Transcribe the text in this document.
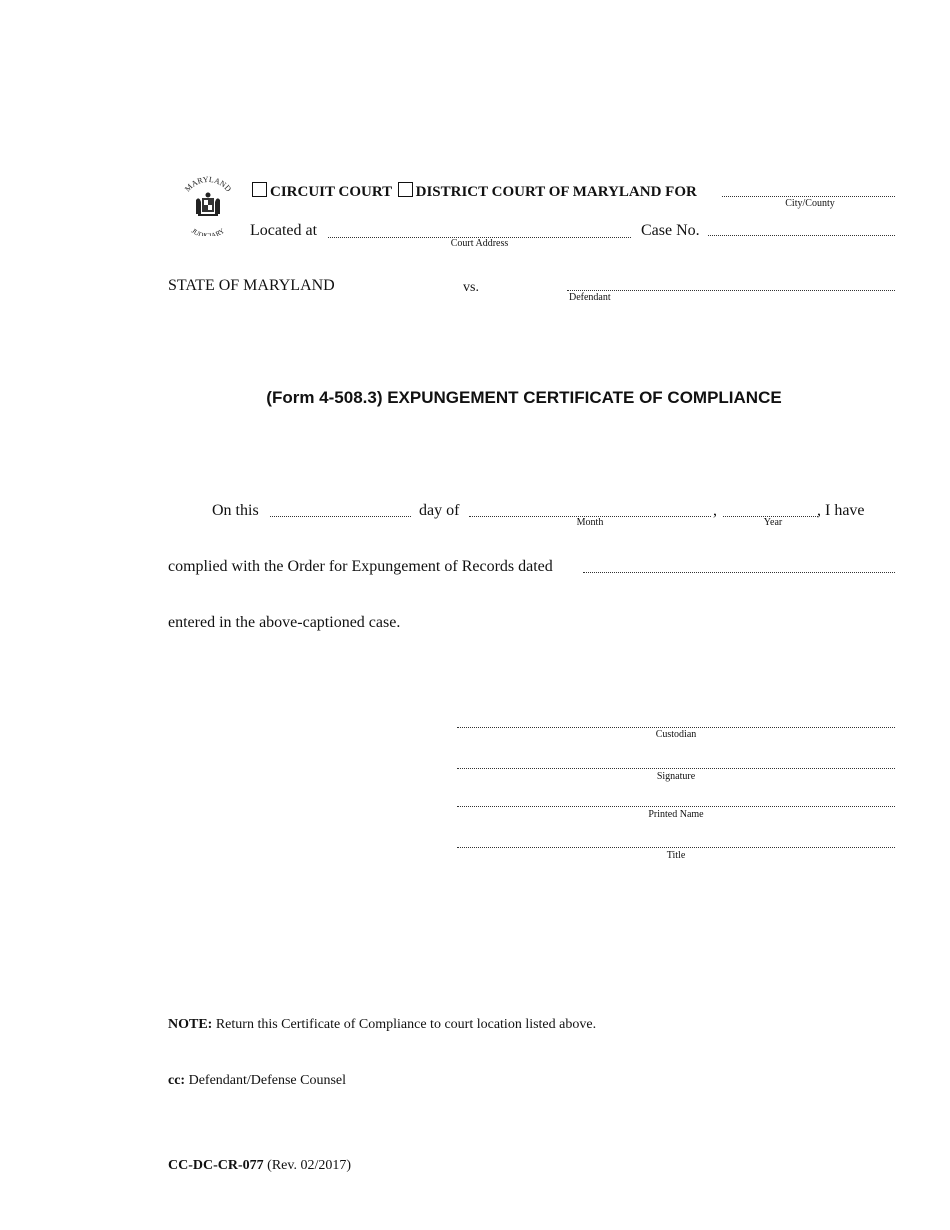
MARYLAND
JUDICIARY
CIRCUIT COURT DISTRICT COURT OF MARYLAND FOR
City/County
Located at
Court Address
Case No.
STATE OF MARYLAND	vs.
Defendant
(Form 4-508.3) EXPUNGEMENT CERTIFICATE OF COMPLIANCE
On this	day of
Month
,
Year
, I have
complied with the Order for Expungement of Records dated
entered in the above-captioned case.
Custodian
Signature
Printed Name
Title
NOTE: Return this Certificate of Compliance to court location listed above.
cc: Defendant/Defense Counsel
CC-DC-CR-077 (Rev. 02/2017)
